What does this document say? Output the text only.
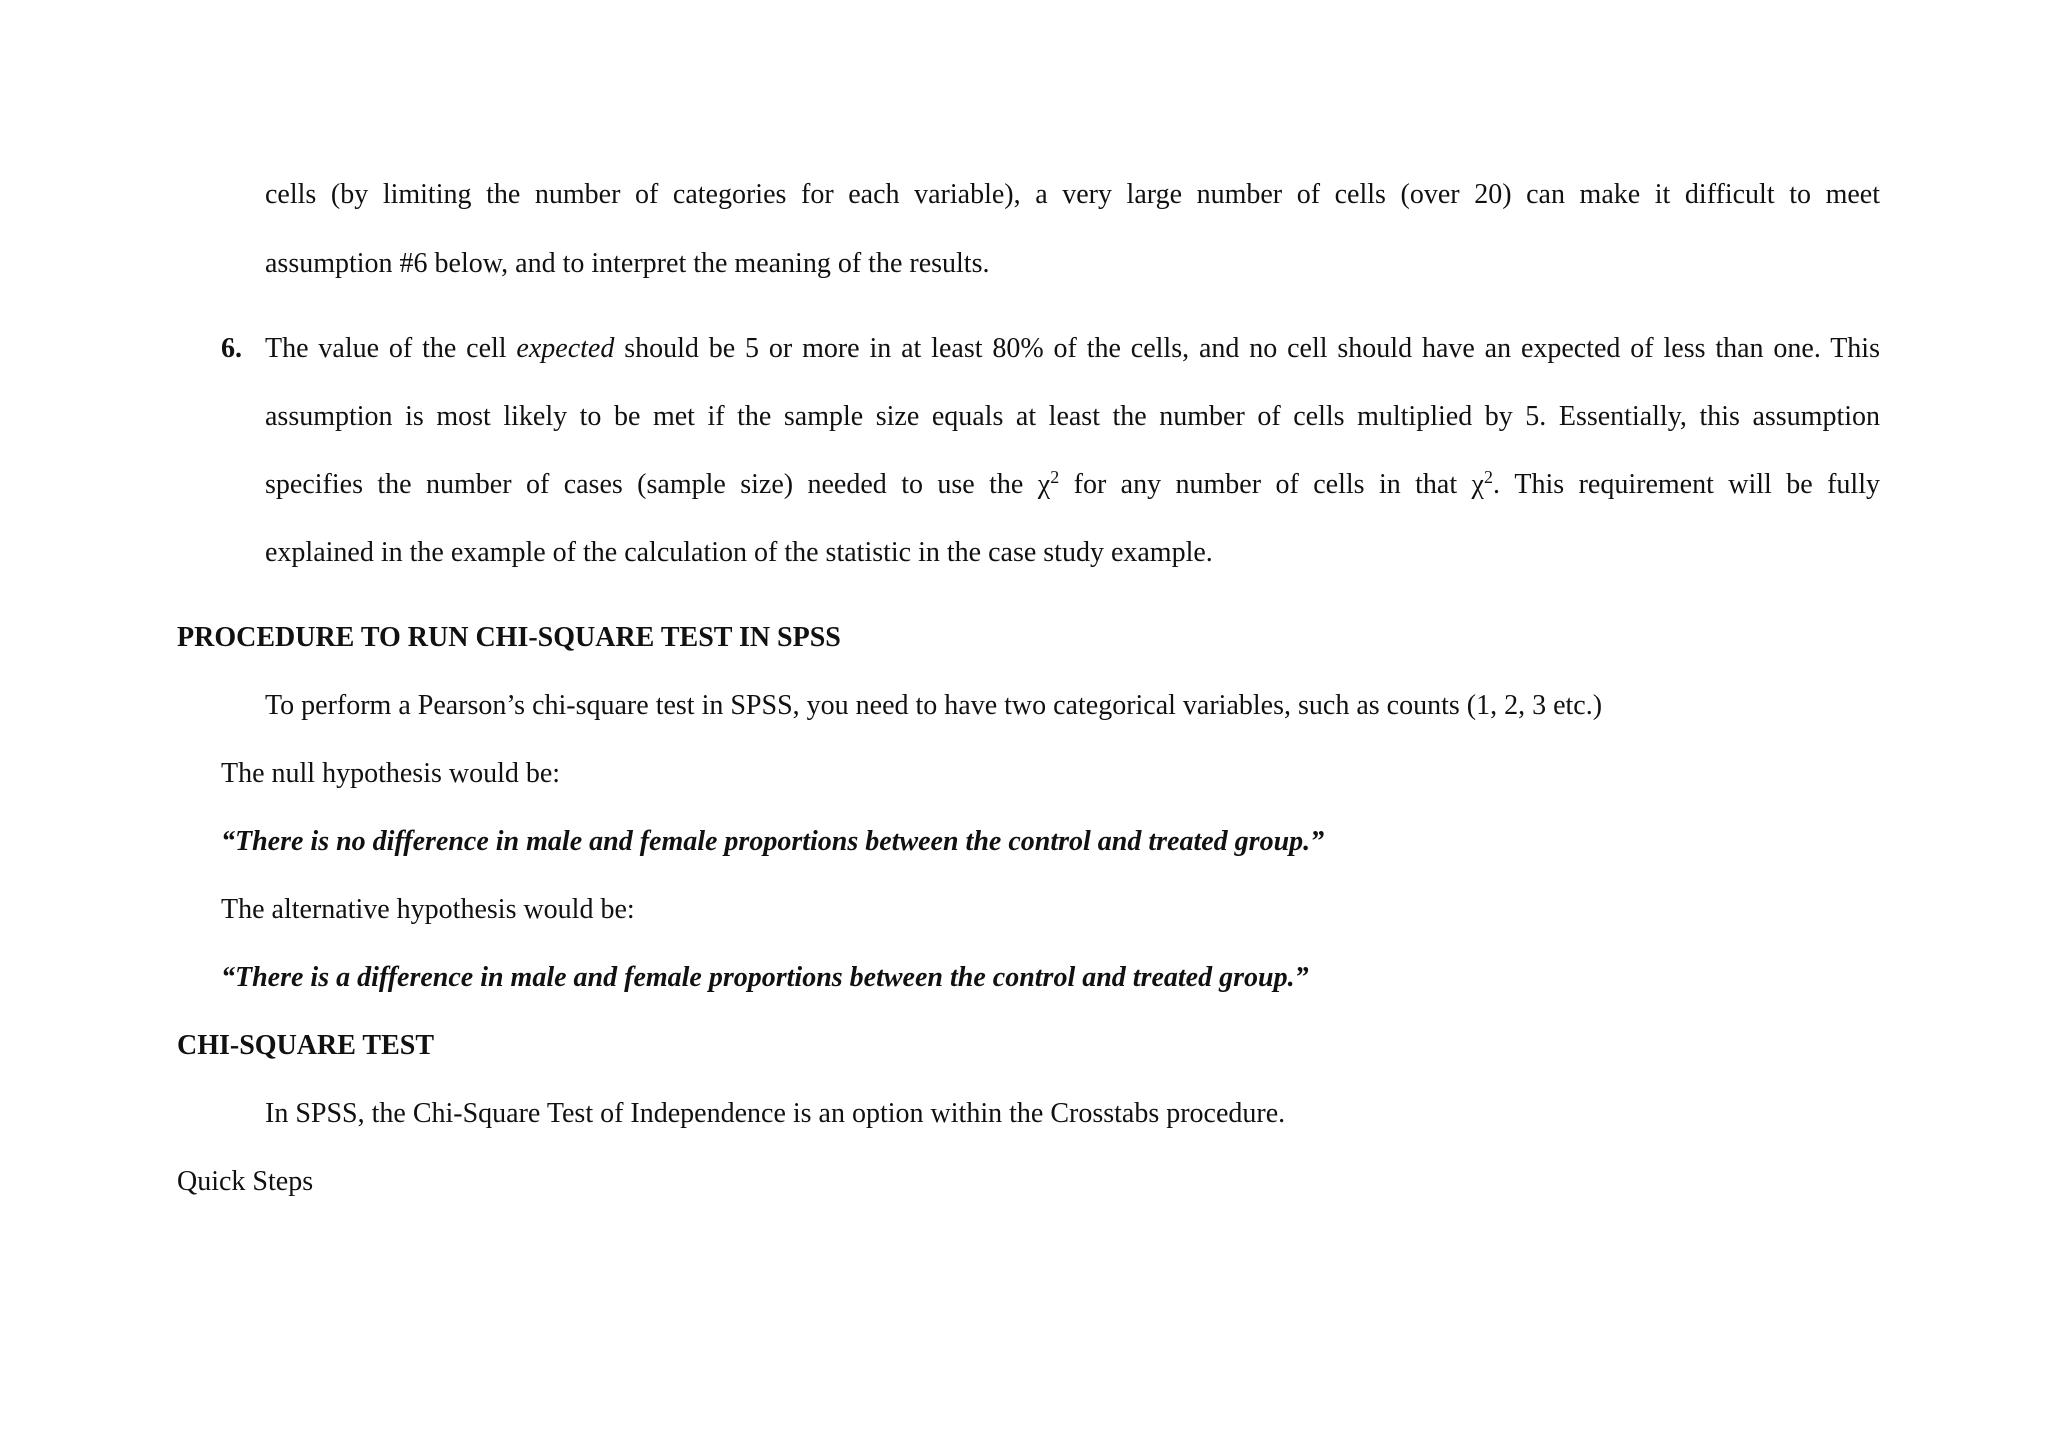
cells (by limiting the number of categories for each variable), a very large number of cells (over 20) can make it difficult to meet
assumption #6 below, and to interpret the meaning of the results.
6. The value of the cell expected should be 5 or more in at least 80% of the cells, and no cell should have an expected of less than one. This
assumption is most likely to be met if the sample size equals at least the number of cells multiplied by 5. Essentially, this assumption
specifies the number of cases (sample size) needed to use the $\chi^2$ for any number of cells in that $\chi^2$. This requirement will be fully
explained in the example of the calculation of the statistic in the case study example.
PROCEDURE TO RUN CHI-SQUARE TEST IN SPSS
To perform a Pearson’s chi-square test in SPSS, you need to have two categorical variables, such as counts (1, 2, 3 etc.)
The null hypothesis would be:
“There is no difference in male and female proportions between the control and treated group.”
The alternative hypothesis would be:
“There is a difference in male and female proportions between the control and treated group.”
CHI-SQUARE TEST
In SPSS, the Chi-Square Test of Independence is an option within the Crosstabs procedure.
Quick Steps
